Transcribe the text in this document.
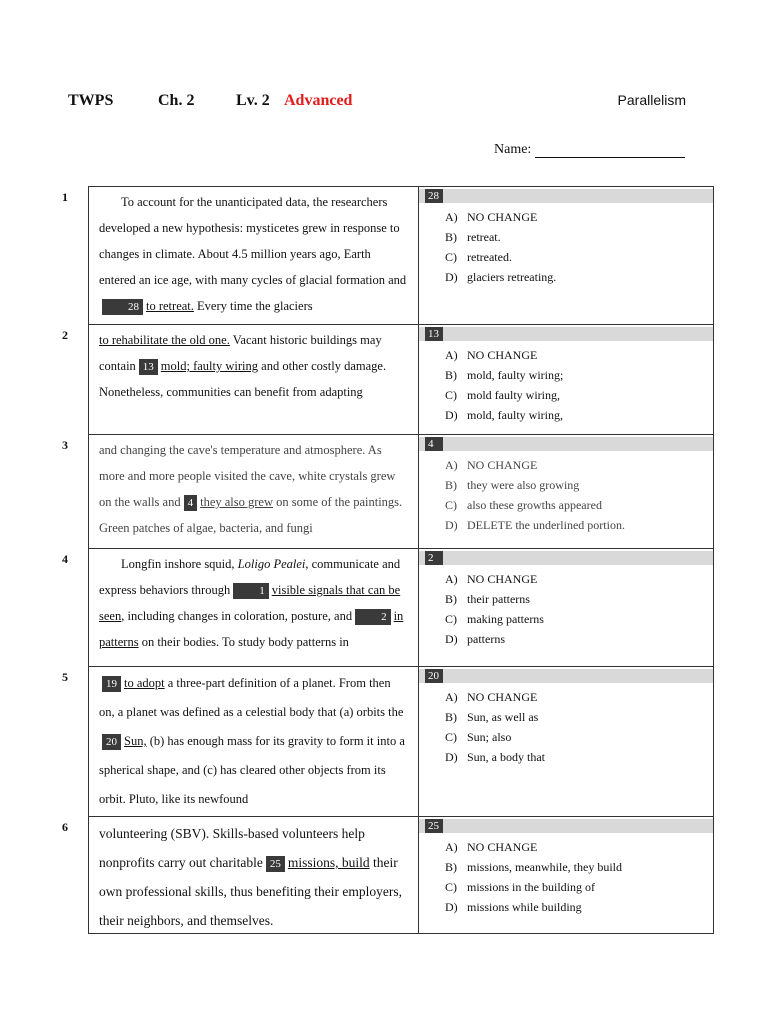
TWPS	Ch. 2	Lv. 2 Advanced	Parallelism
Name:
1	To account for the unanticipated data, the researchers developed a new hypothesis: mysticetes grew in response to changes in climate. About 4.5 million years ago, Earth entered an ice age, with many cycles of glacial formation and28 to retreat. Every time the glaciers
28
A) NO CHANGE
B) retreat.
C) retreated.
D) glaciers retreating.
2	to rehabilitate the old one. Vacant historic buildings may contain 13 mold; faulty wiring and other costly damage. Nonetheless, communities can benefit from adapting
13
A) NO CHANGE
B) mold, faulty wiring;
C) mold faulty wiring,
D) mold, faulty wiring,
3	and changing the cave's temperature and atmosphere. As more and more people visited the cave, white crystals grew on the walls and 4 they also grew on some of the paintings. Green patches of algae, bacteria, and fungi
4
A) NO CHANGE
B) they were also growing
C) also these growths appeared
D) DELETE the underlined portion.
4	Longfin inshore squid, Loligo Pealei, communicate and express behaviors through	1 visible signals that can be seen, including changes in coloration, posture, and	2 in patterns on their bodies. To study body patterns in
2
A) NO CHANGE
B) their patterns
C) making patterns
D) patterns
5	19 to adopt a three-part definition of a planet. From then on, a planet was defined as a celestial body that (a) orbits the20 Sun, (b) has enough mass for its gravity to form it into a spherical shape, and (c) has cleared other objects from its orbit. Pluto, like its newfound
20
A) NO CHANGE
B) Sun, as well as
C) Sun; also
D) Sun, a body that
6	volunteering (SBV). Skills-based volunteers help nonprofits carry out charitable 25 missions, build their own professional skills, thus benefiting their employers, their neighbors, and themselves.
25
A) NO CHANGE
B) missions, meanwhile, they build
C) missions in the building of
D) missions while building
